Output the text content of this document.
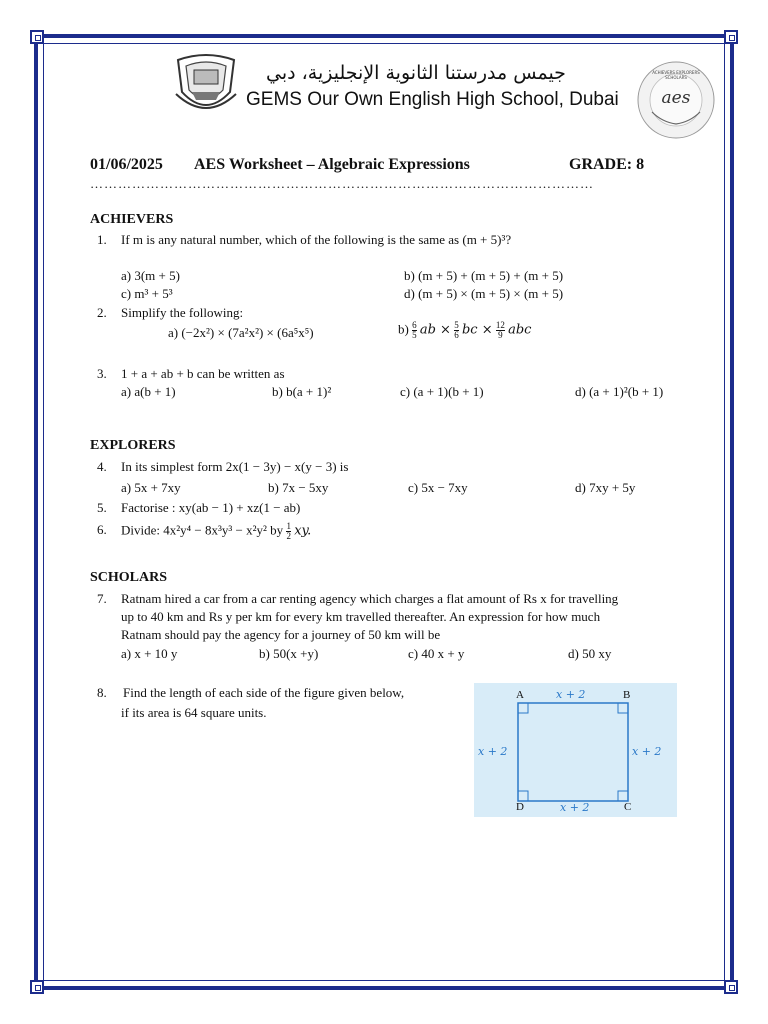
جيمس مدرستنا الثانوية الإنجليزية، دبي
GEMS Our Own English High School, Dubai	aes
ACHIEVERS EXPLORERS SCHOLARS
01/06/2025 AES Worksheet – Algebraic Expressions	GRADE: 8
………………………………………………………………………………………………
ACHIEVERS
1. If m is any natural number, which of the following is the same as (m + 5)³?
a) 3(m + 5)	b) (m + 5) + (m + 5) + (m + 5)
c) m³ + 5³	d) (m + 5) × (m + 5) × (m + 5)
2. Simplify the following:
a) (−2x²) × (7a²x²) × (6a⁵x⁵)	$b) \frac{6}{5}$ ab × $\frac{5}{6}$ bc × $\frac{12}{9}$ abc
3. 1 + a + ab + b can be written as
a) a(b + 1)	b) b(a + 1)²	c) (a + 1)(b + 1)	d) (a + 1)²(b + 1)
EXPLORERS
4. In its simplest form 2x(1 − 3y) − x(y − 3) is
a) 5x + 7xy	b) 7x − 5xy	c) 5x − 7xy	d) 7xy + 5y
5. Factorise : xy(ab − 1) + xz(1 − ab)
6. Divide: 4x²y⁴ − 8x³y³ − x²y² by $\frac{1}{2}$ xy.
SCHOLARS
7. Ratnam hired a car from a car renting agency which charges a flat amount of Rs x for travelling
up to 40 km and Rs y per km for every km travelled thereafter. An expression for how much
Ratnam should pay the agency for a journey of 50 km will be
a) x + 10 y	b) 50(x +y)	c) 40 x + y	d) 50 xy
8. Find the length of each side of the figure given below,
if its area is 64 square units.
A	B
C
D
x + 2
x + 2
x + 2	x + 2
